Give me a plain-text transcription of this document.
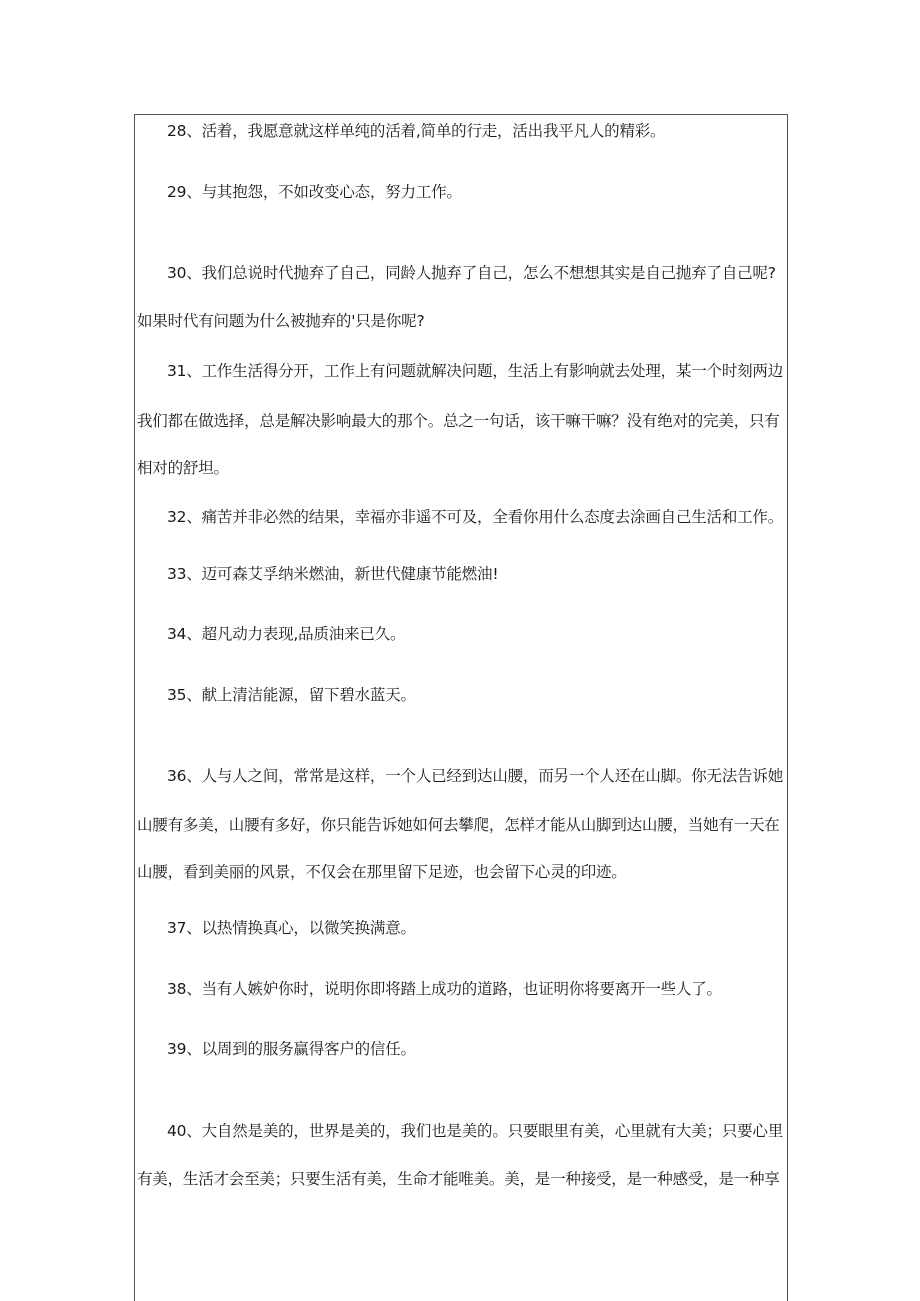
28、活着，我愿意就这样单纯的活着,简单的行走，活出我平凡人的精彩。
29、与其抱怨，不如改变心态，努力工作。
30、我们总说时代抛弃了自己，同龄人抛弃了自己，怎么不想想其实是自己抛弃了自己呢?
如果时代有问题为什么被抛弃的'只是你呢?
31、工作生活得分开，工作上有问题就解决问题，生活上有影响就去处理，某一个时刻两边
我们都在做选择，总是解决影响最大的那个。总之一句话，该干嘛干嘛？没有绝对的完美，只有
相对的舒坦。
32、痛苦并非必然的结果，幸福亦非遥不可及，全看你用什么态度去涂画自己生活和工作。
33、迈可森艾孚纳米燃油，新世代健康节能燃油!
34、超凡动力表现,品质油来已久。
35、献上清洁能源，留下碧水蓝天。
36、人与人之间，常常是这样，一个人已经到达山腰，而另一个人还在山脚。你无法告诉她
山腰有多美，山腰有多好，你只能告诉她如何去攀爬，怎样才能从山脚到达山腰，当她有一天在
山腰，看到美丽的风景，不仅会在那里留下足迹，也会留下心灵的印迹。
37、以热情换真心，以微笑换满意。
38、当有人嫉妒你时，说明你即将踏上成功的道路，也证明你将要离开一些人了。
39、以周到的服务赢得客户的信任。
40、大自然是美的，世界是美的，我们也是美的。只要眼里有美，心里就有大美；只要心里
有美，生活才会至美；只要生活有美，生命才能唯美。美，是一种接受，是一种感受，是一种享
